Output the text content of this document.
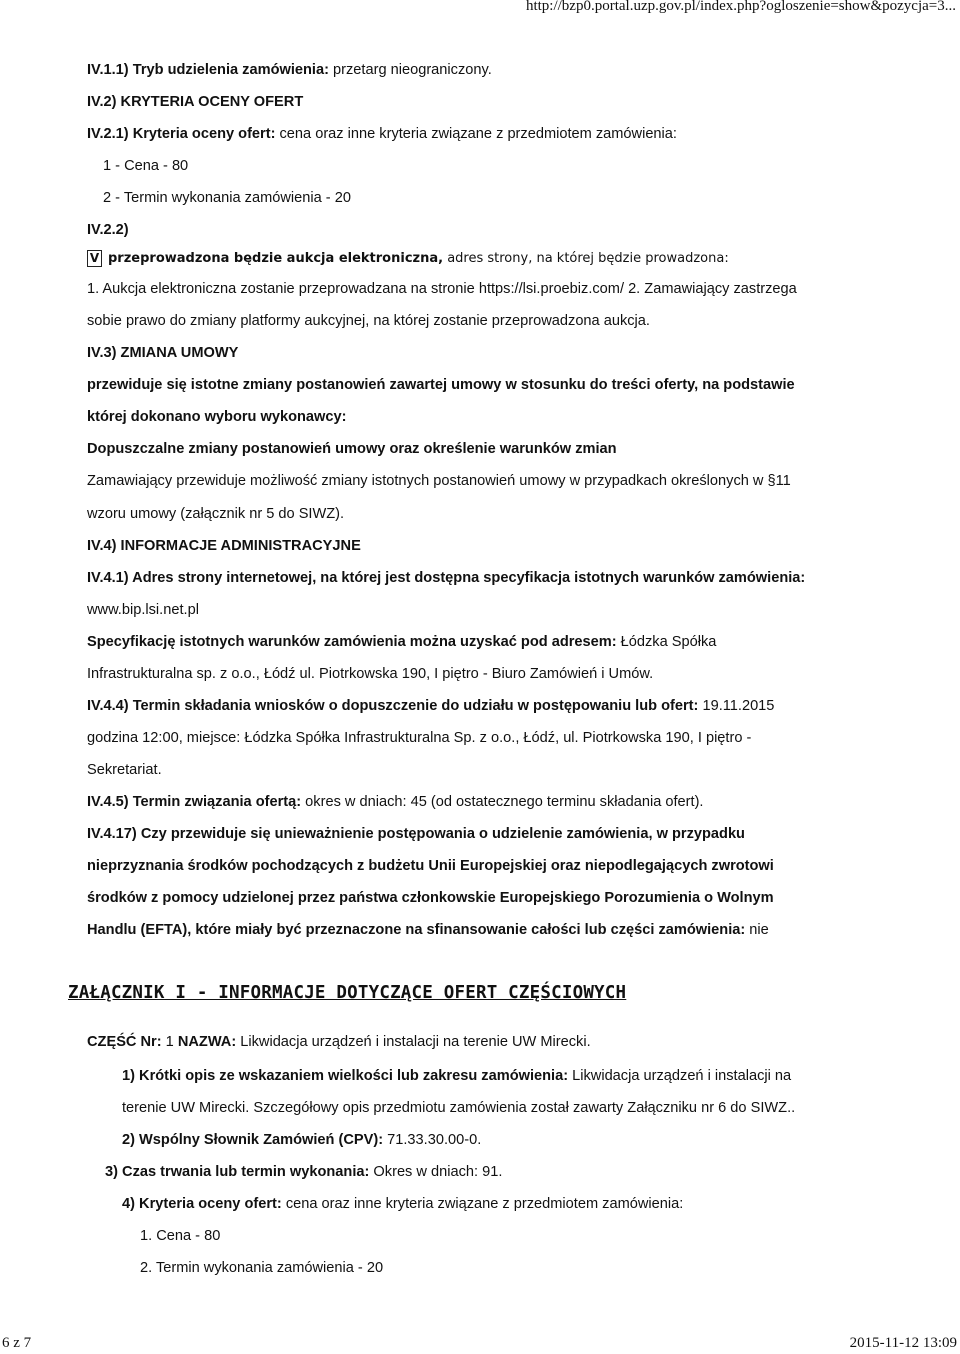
http://bzp0.portal.uzp.gov.pl/index.php?ogloszenie=show&pozycja=3...
IV.1.1) Tryb udzielenia zamówienia: przetarg nieograniczony.
IV.2) KRYTERIA OCENY OFERT
IV.2.1) Kryteria oceny ofert: cena oraz inne kryteria związane z przedmiotem zamówienia:
1 - Cena - 80
2 - Termin wykonania zamówienia - 20
IV.2.2)
V przeprowadzona będzie aukcja elektroniczna, adres strony, na której będzie prowadzona:
1. Aukcja elektroniczna zostanie przeprowadzana na stronie https://lsi.proebiz.com/ 2. Zamawiający zastrzega
sobie prawo do zmiany platformy aukcyjnej, na której zostanie przeprowadzona aukcja.
IV.3) ZMIANA UMOWY
przewiduje się istotne zmiany postanowień zawartej umowy w stosunku do treści oferty, na podstawie
której dokonano wyboru wykonawcy:
Dopuszczalne zmiany postanowień umowy oraz określenie warunków zmian
Zamawiający przewiduje możliwość zmiany istotnych postanowień umowy w przypadkach określonych w §11
wzoru umowy (załącznik nr 5 do SIWZ).
IV.4) INFORMACJE ADMINISTRACYJNE
IV.4.1) Adres strony internetowej, na której jest dostępna specyfikacja istotnych warunków zamówienia:
www.bip.lsi.net.pl
Specyfikację istotnych warunków zamówienia można uzyskać pod adresem: Łódzka Spółka
Infrastrukturalna sp. z o.o., Łódź ul. Piotrkowska 190, I piętro - Biuro Zamówień i Umów.
IV.4.4) Termin składania wniosków o dopuszczenie do udziału w postępowaniu lub ofert: 19.11.2015
godzina 12:00, miejsce: Łódzka Spółka Infrastrukturalna Sp. z o.o., Łódź, ul. Piotrkowska 190, I piętro -
Sekretariat.
IV.4.5) Termin związania ofertą: okres w dniach: 45 (od ostatecznego terminu składania ofert).
IV.4.17) Czy przewiduje się unieważnienie postępowania o udzielenie zamówienia, w przypadku
nieprzyznania środków pochodzących z budżetu Unii Europejskiej oraz niepodlegających zwrotowi
środków z pomocy udzielonej przez państwa członkowskie Europejskiego Porozumienia o Wolnym
Handlu (EFTA), które miały być przeznaczone na sfinansowanie całości lub części zamówienia: nie
ZAŁĄCZNIK I - INFORMACJE DOTYCZĄCE OFERT CZĘŚCIOWYCH
CZĘŚĆ Nr: 1 NAZWA: Likwidacja urządzeń i instalacji na terenie UW Mirecki.
1) Krótki opis ze wskazaniem wielkości lub zakresu zamówienia: Likwidacja urządzeń i instalacji na
terenie UW Mirecki. Szczegółowy opis przedmiotu zamówienia został zawarty Załączniku nr 6 do SIWZ..
2) Wspólny Słownik Zamówień (CPV): 71.33.30.00-0.
3) Czas trwania lub termin wykonania: Okres w dniach: 91.
4) Kryteria oceny ofert: cena oraz inne kryteria związane z przedmiotem zamówienia:
1. Cena - 80
2. Termin wykonania zamówienia - 20
6 z 7	2015-11-12 13:09
